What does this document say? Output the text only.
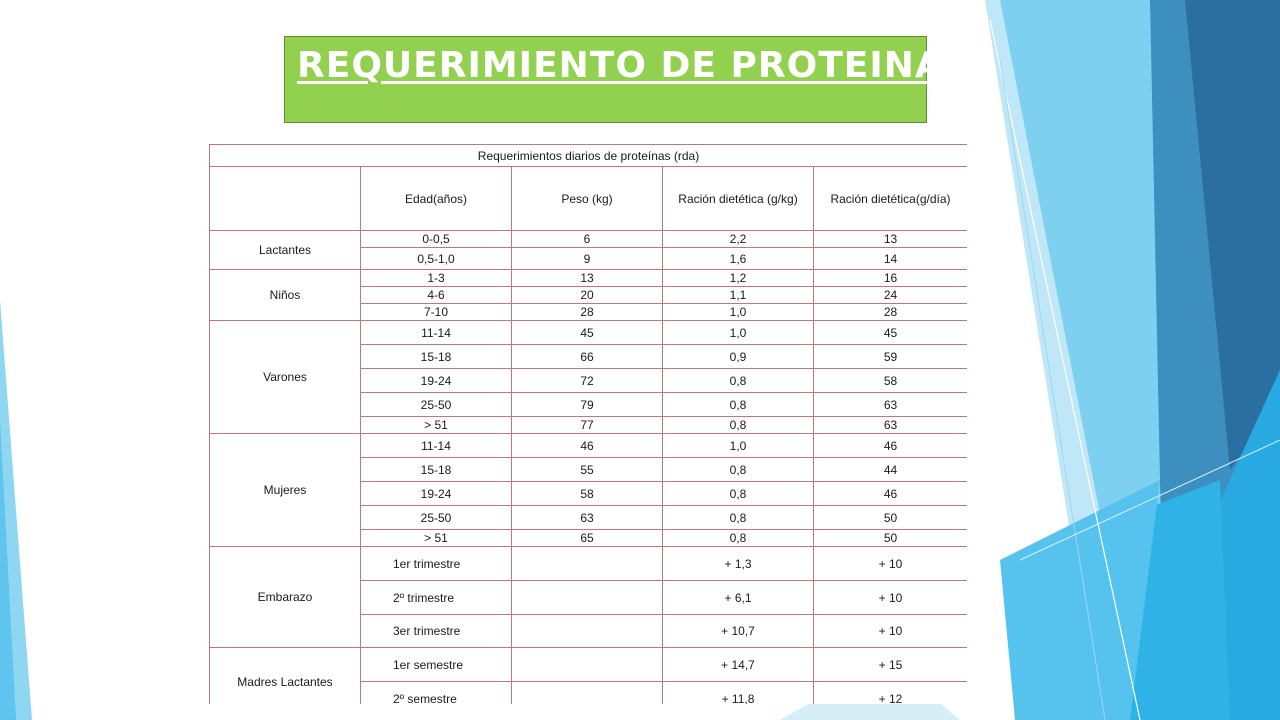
REQUERIMIENTO DE PROTEINA
Requerimientos diarios de proteínas (rda)				
	Edad(años)	Peso (kg)	Ración dietética (g/kg)	Ración dietética(g/día)
Lactantes	0-0,5	6	2,2	13
	0,5-1,0	9	1,6	14
Niños	1-3	13	1,2	16
	4-6	20	1,1	24
	7-10	28	1,0	28
Varones	11-14	45	1,0	45
	15-18	66	0,9	59
	19-24	72	0,8	58
	25-50	79	0,8	63
	> 51	77	0,8	63
Mujeres	11-14	46	1,0	46
	15-18	55	0,8	44
	19-24	58	0,8	46
	25-50	63	0,8	50
	> 51	65	0,8	50
Embarazo	1er trimestre		+ 1,3	+ 10
	2º trimestre		+ 6,1	+ 10
	3er trimestre		+ 10,7	+ 10
Madres Lactantes	1er semestre		+ 14,7	+ 15
	2º semestre		+ 11,8	+ 12
